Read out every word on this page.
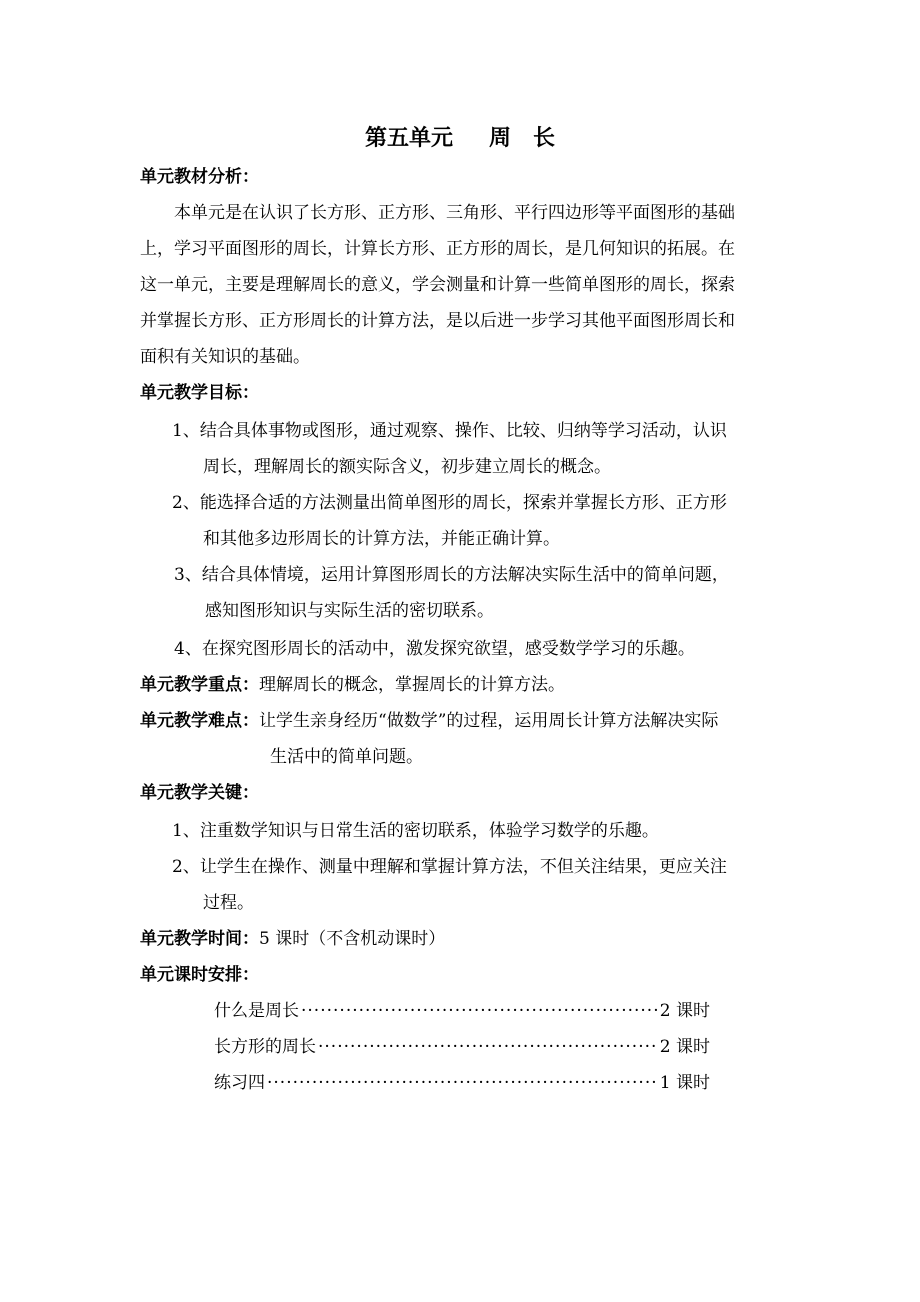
第五单元 周　长
单元教材分析：
本单元是在认识了长方形、正方形、三角形、平行四边形等平面图形的基础
上，学习平面图形的周长，计算长方形、正方形的周长，是几何知识的拓展。在
这一单元，主要是理解周长的意义，学会测量和计算一些简单图形的周长，探索
并掌握长方形、正方形周长的计算方法，是以后进一步学习其他平面图形周长和
面积有关知识的基础。
单元教学目标：
1、结合具体事物或图形，通过观察、操作、比较、归纳等学习活动，认识
周长，理解周长的额实际含义，初步建立周长的概念。
2、能选择合适的方法测量出简单图形的周长，探索并掌握长方形、正方形
和其他多边形周长的计算方法，并能正确计算。
3、结合具体情境，运用计算图形周长的方法解决实际生活中的简单问题，
感知图形知识与实际生活的密切联系。
4、在探究图形周长的活动中，激发探究欲望，感受数学学习的乐趣。
单元教学重点：理解周长的概念，掌握周长的计算方法。
单元教学难点：让学生亲身经历“做数学”的过程，运用周长计算方法解决实际
生活中的简单问题。
单元教学关键：
1、注重数学知识与日常生活的密切联系，体验学习数学的乐趣。
2、让学生在操作、测量中理解和掌握计算方法，不但关注结果，更应关注
过程。
单元教学时间：5 课时（不含机动课时）
单元课时安排：
什么是周长 ·····	2 课时
长方形的周长 ·····	2 课时
练习四 ·····	1 课时
